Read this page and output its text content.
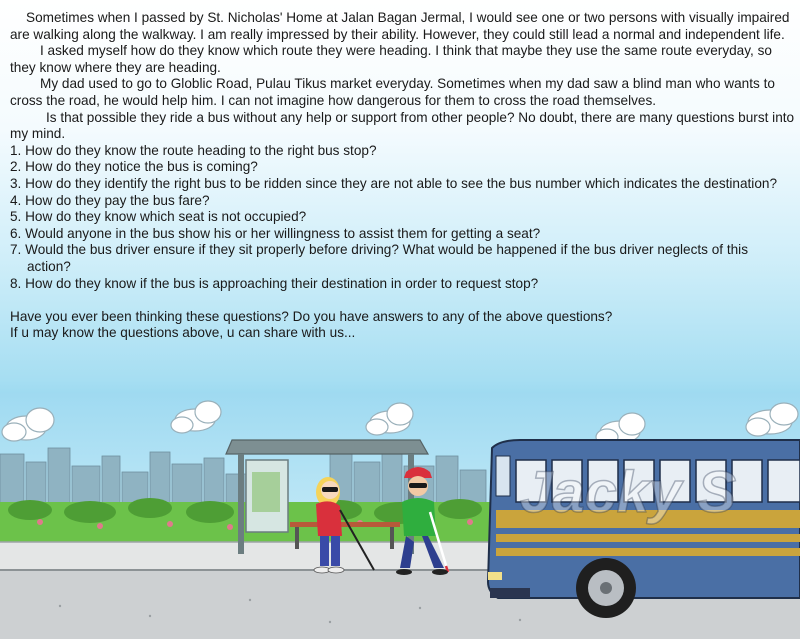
Sometimes when I passed by St. Nicholas' Home at Jalan Bagan Jermal, I would see one or two persons with visually impaired are walking along the walkway. I am really impressed by their ability. However, they could still lead a normal and independent life.

I asked myself how do they know which route they were heading. I think that maybe they use the same route everyday, so they know where they are heading.

My dad used to go to Globlic Road, Pulau Tikus market everyday. Sometimes when my dad saw a blind man who wants to cross the road, he would help him. I can not imagine how dangerous for them to cross the road themselves.

Is that possible they ride a bus without any help or support from other people? No doubt, there are many questions burst into my mind.

1. How do they know the route heading to the right bus stop?

2. How do they notice the bus is coming?

3. How do they identify the right bus to be ridden since they are not able to see the bus number which indicates the destination?

4. How do they pay the bus fare?

5. How do they know which seat is not occupied?

6. Would anyone in the bus show his or her willingness to assist them for getting a seat?

7. Would the bus driver ensure if they sit properly before driving? What would be happened if the bus driver neglects of this action?

8. How do they know if the bus is approaching their destination in order to request stop?

Have you ever been thinking these questions? Do you have answers to any of the above questions?

If u may know the questions above, u can share with us...

Jacky S
